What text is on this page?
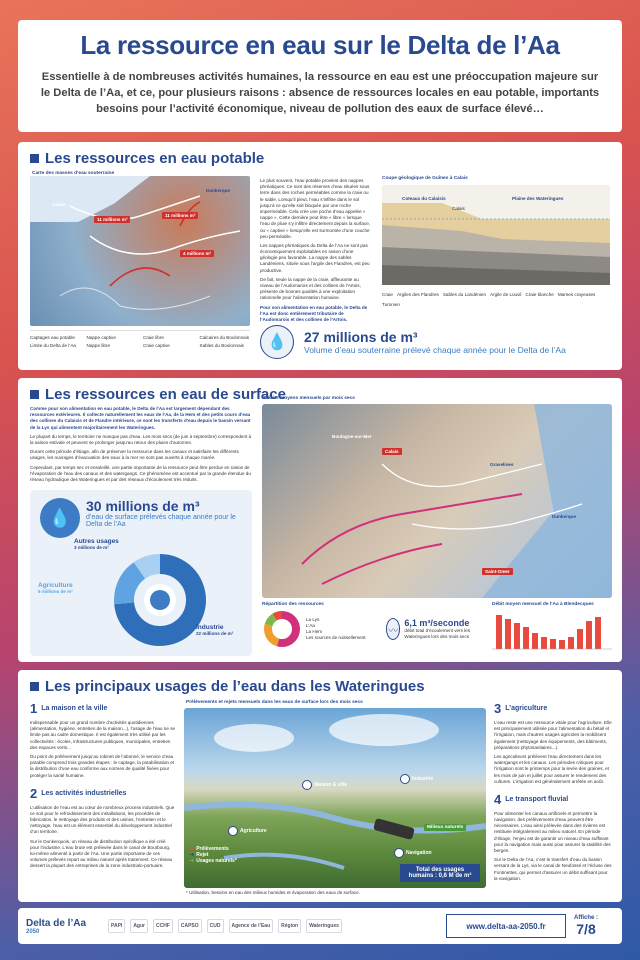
La ressource en eau sur le Delta de l’Aa

Essentielle à de nombreuses activités humaines, la ressource en eau est une préoccupation majeure sur le Delta de l’Aa, et ce, pour plusieurs raisons : absence de ressources locales en eau potable, importants besoins pour l’activité économique, niveau de pollution des eaux de surface élevé…

Les ressources en eau potable
Carte des masses d’eau souterraine
11 millions m³
11 millions m³
4 millions m³
Calais
Dunkerque
Captages eau potable	Nappe captive	Craie libre	Calcaires du Boulonnais
Limite du Delta de l’Aa	Nappe libre	Craie captive	Sables du Boulonnais

Le plus souvent, l’eau potable provient des nappes phréatiques. Ce sont des réserves d’eau situées sous terre dans des roches perméables comme la craie ou le sable. Lorsqu’il pleut, l’eau s’infiltre dans le sol jusqu’à ce qu’elle soit bloquée par une roche imperméable. Cela crée une poche d’eau appelée « nappe ». Cette dernière peut être « libre » lorsque l’eau de pluie s’y infiltre directement depuis la surface, ou « captive » lorsqu’elle est surmontée d’une couche peu perméable.

Les nappes phréatiques du Delta de l’Aa ne sont pas économiquement exploitables en raison d’une géologie peu favorable. La nappe des sables Landéniens, située sous l’argile des Flandres, est peu productive.

De fait, seule la nappe de la craie, affleurante au niveau de l’Audomarois et des collines de l’Artois, présente de bonnes qualités à une exploitation rationnelle pour l’alimentation humaine.

Pour son alimentation en eau potable, le Delta de l’Aa est donc entièrement tributaire de l’Audomarois et des collines de l’Artois.

Coupe géologique de Guînes à Calais
Coteaux du Calaisis	Plaine des Wateringues
Calais
Craie Argiles des Flandres Sables du Landénien Argile de Louvil Craie blanche Marnes crayeuses
Turonien
💧	27 millions de m³
Volume d’eau souterraine prélevé chaque année pour le Delta de l’Aa
Les ressources en eau de surface

Comme pour son alimentation en eau potable, le Delta de l’Aa est largement dépendant des ressources extérieures. Il collecte naturellement les eaux de l’Aa, de la Hem et des petits cours d’eau des collines du Calaisis et de Flandre intérieure, ce sont les transferts d’eau depuis le bassin versant de la Lys qui alimentent majoritairement les Wateringues.

Le plupart du temps, le territoire ne manque pas d’eau. Les mois secs (de juin à septembre) correspondent à la saison estivale et peuvent se prolonger jusqu’au retour des pluies d’automne.

Durant cette période d’étiage, afin de préserver la ressource dans les canaux et satisfaire les différents usages, les ouvrages d’évacuation des eaux à la mer ne sont pas ouverts à chaque marée.

Cependant, par temps sec et ensoleillé, une partie importante de la ressource peut être perdue en raison de l’évaporation de l’eau des canaux et des watergangs. Ce phénomène est accentué par la grande étendue du réseau hydraulique des Wateringues et par des réseaux d’écoulement très réduits.

💧
30 millions de m³
d’eau de surface prélevés chaque année pour le Delta de l’Aa
Autres usages
3 millions de m³
Agriculture
5 millions de m³
Industrie
22 millions de m³
Débits moyens mensuels par mois secs
Calais
Gravelines
Dunkerque
Boulogne-sur-Mer
Saint-Omer
Répartition des ressources
La Lys
L’Aa
La Hem
Les sources de ruissellement
〰
6,1 m³/seconde
débit total d’écoulement vers les Wateringues lors des mois secs
Débit moyen mensuel de l’Aa à Blendecques
Les principaux usages de l’eau dans les Wateringues
1 La maison et la ville

Indispensable pour un grand nombre d’activités quotidiennes (alimentation, hygiène, entretien de la maison...), l’usage de l’eau ne se limite pas au cadre domestique. Il est également très utilisé par les collectivités : écoles, infrastructures publiques, municipales, entretien des espaces verts...

Du point de prélèvement jusqu’au robinet de l’abonné, le service d’eau potable comprend trois grandes étapes : le captage, la potabilisation et la distribution d’une eau conforme aux normes de qualité fixées pour protéger la santé humaine.

2 Les activités industrielles

L’utilisation de l’eau est au cœur de nombreux process industriels. Que ce soit pour le refroidissement des installations, les procédés de fabrication, le nettoyage des produits et des usines, l’entretien et le nettoyage, l’eau est un élément essentiel du développement industriel d’un territoire.

Sur le Dunkerquois, un réseau de distribution spécifique a été créé pour l’industrie. L’eau brute est prélevée dans le canal de Bourbourg, lui-même alimenté à partir de l’Aa. Une partie importante de ces volumes prélevés repart au milieu naturel après traitement. Ce réseau dessert la plupart des entreprises de la zone industrialo-portuaire.

Prélèvements et rejets mensuels dans les eaux de surface lors des mois secs
Maison & ville
Industrie
Agriculture
Navigation
Milieux naturels
➜ Prélèvements
➜ Rejet
➜ Usages naturels*
Total des usages humains : 0,6 M de m³
* Utilisation, besoins en eau des milieux humides et évaporation des eaux de surface.
3 L’agriculture

L’eau reste est une ressource vitale pour l’agriculture. Elle est principalement utilisée pour l’alimentation du bétail et l’irrigation, mais d’autres usages agricoles la mobilisent également (nettoyage des équipements, des bâtiments, préparations phytosanitaires...).

Les agriculteurs prélèvent l’eau directement dans les watergangs et les canaux. Les périodes critiques pour l’irrigation sont le printemps pour la levée des graines, et les mois de juin et juillet pour assurer le rendement des cultures. L’irrigation est généralement arrêtée en août.

4 Le transport fluvial

Pour alimenter les canaux artificiels et permettre la navigation, des prélèvements d’eau peuvent être nécessaires. L’eau ainsi prélevée dans des rivières est restituée intégralement au milieu naturel. En période d’étiage, l’enjeu est de garantir un niveau d’eau suffisant pour la navigation mais aussi pour assurer la stabilité des berges.

Sur le Delta de l’Aa, c’est le transfert d’eau du bassin versant de la Lys, via le canal de Neufossé et l’écluse des Fontinettes, qui permet d’assurer un débit suffisant pour la navigation.

Delta de l’Aa
2050
PAPI	Agur	CCHF	CAPSO	CUD	Agence de l’Eau	Région	Wateringues	www.delta-aa-2050.fr
Affiche :
7/8
